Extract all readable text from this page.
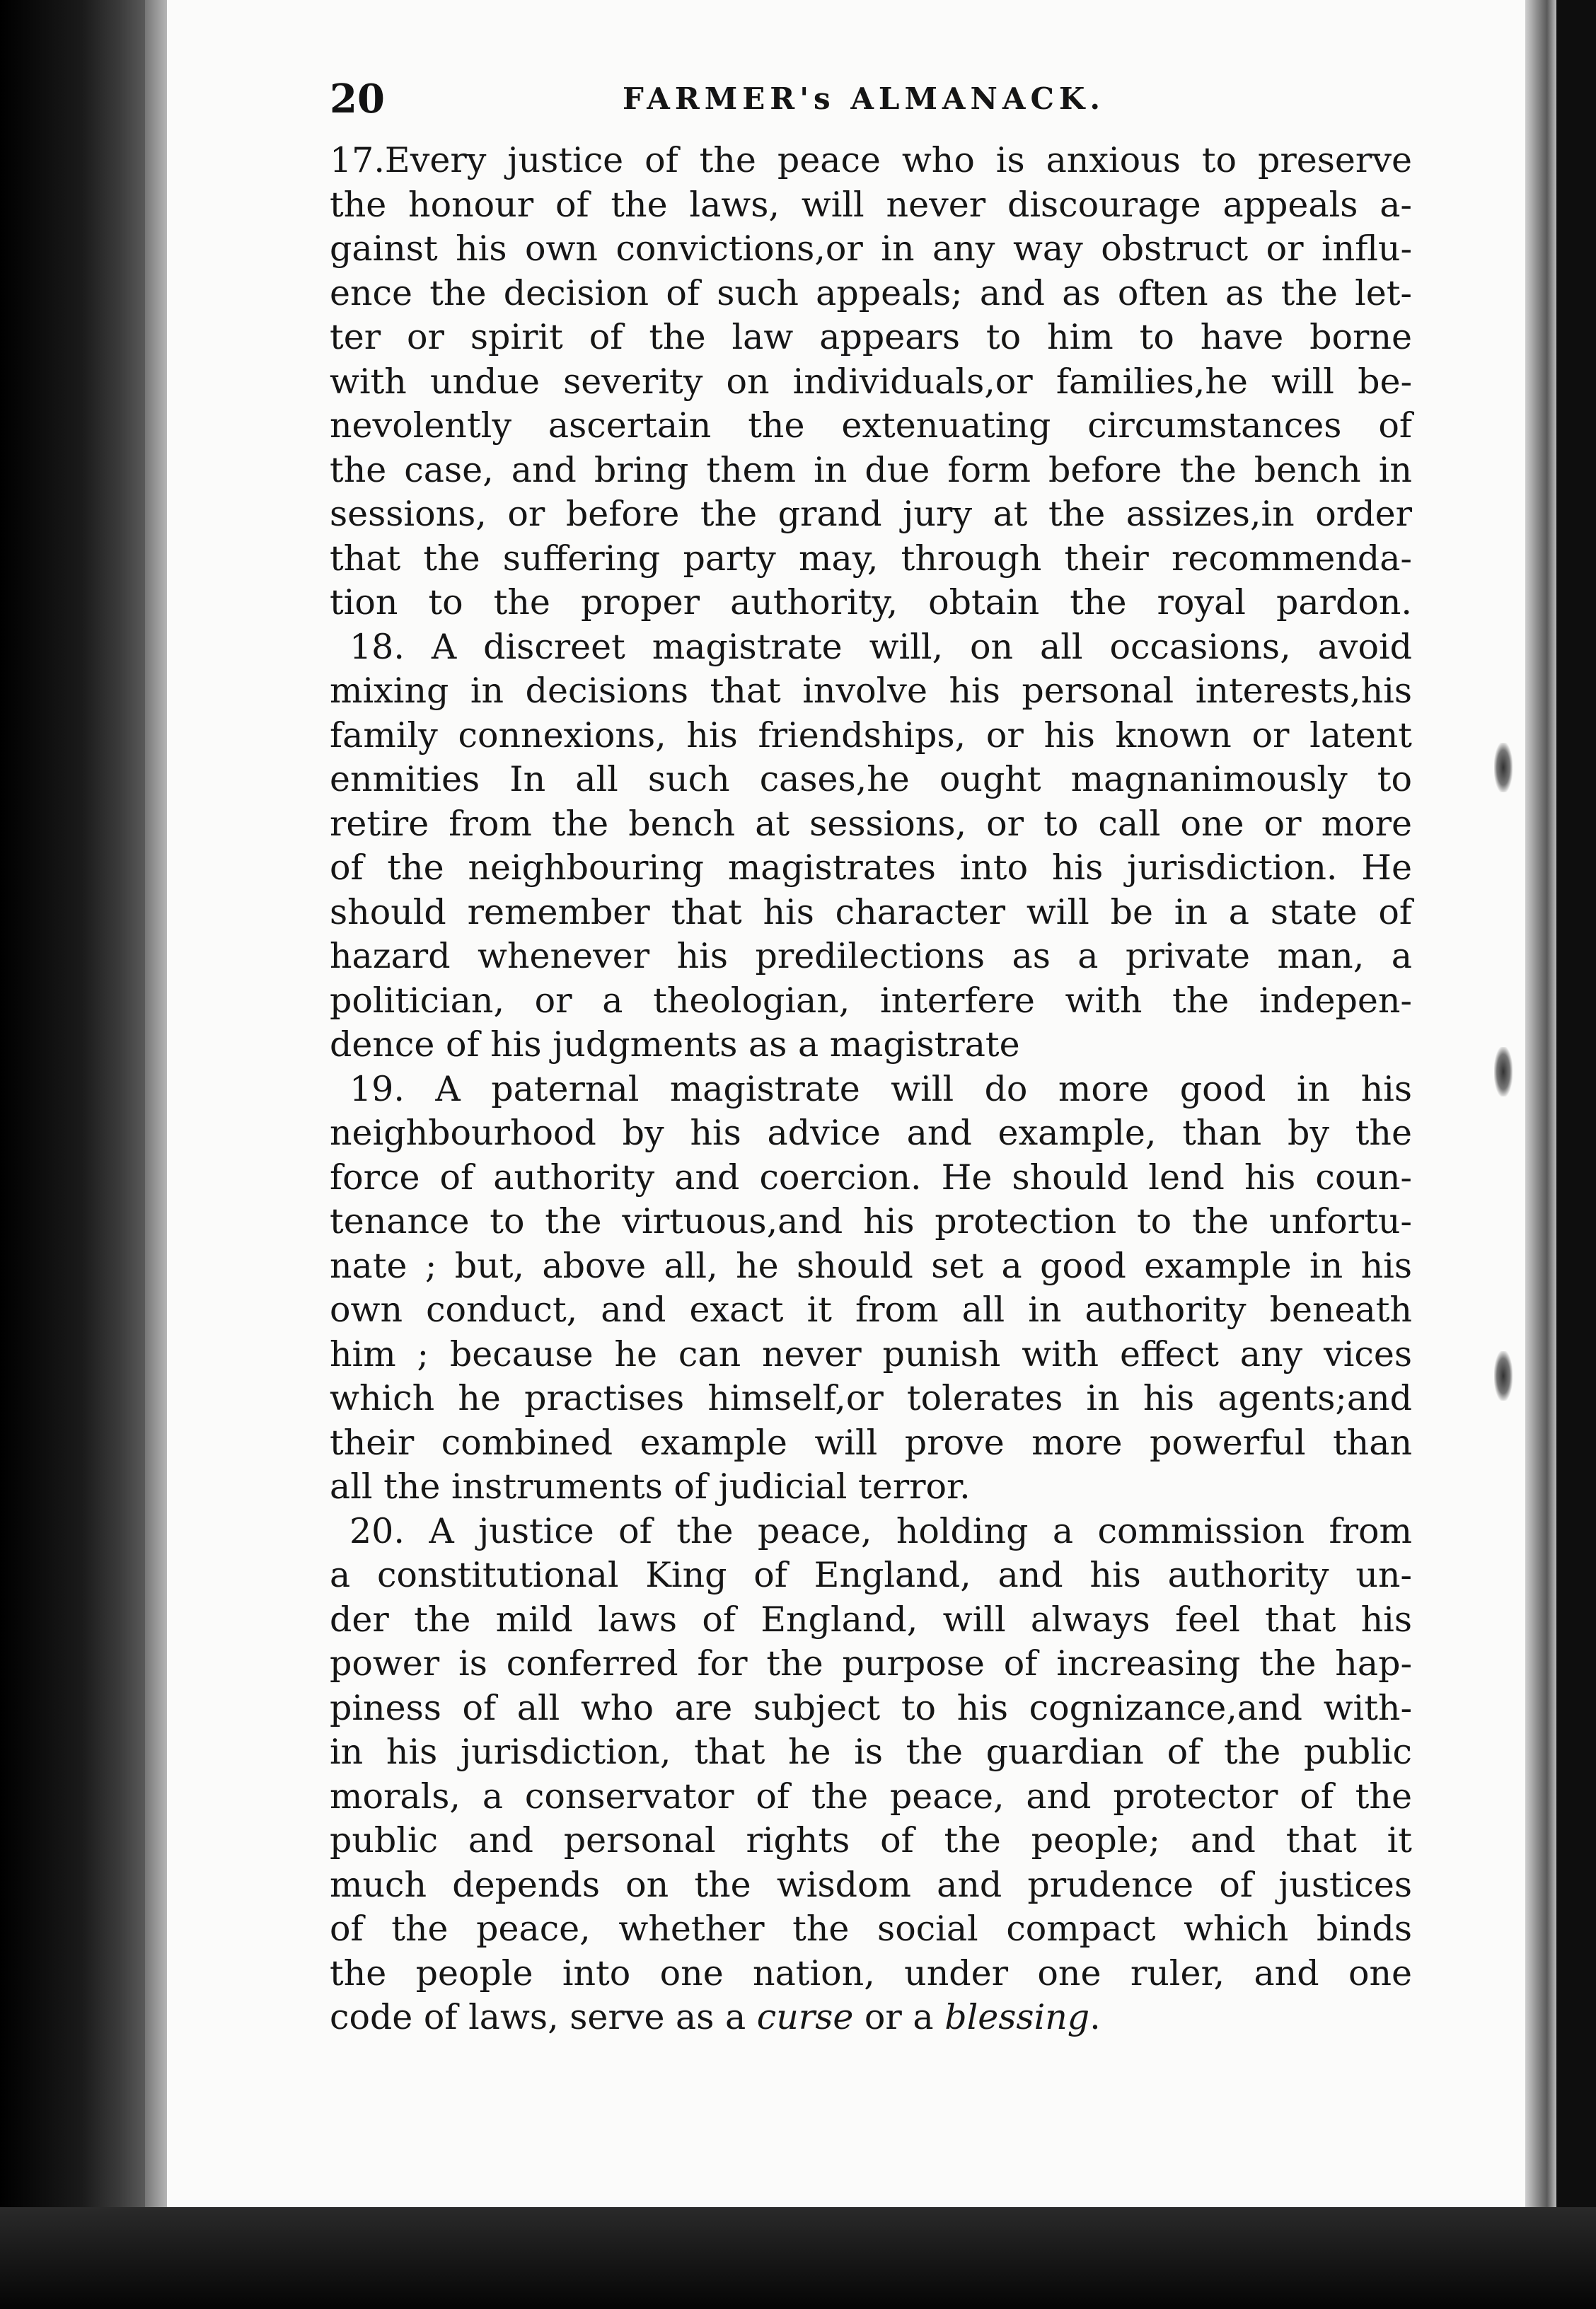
20	FARMER's ALMANACK.
17.Every justice of the peace who is anxious to preserve
the honour of the laws, will never discourage appeals a-
gainst his own convictions,or in any way obstruct or influ-
ence the decision of such appeals; and as often as the let-
ter or spirit of the law appears to him to have borne
with undue severity on individuals,or families,he will be-
nevolently ascertain the extenuating circumstances of
the case, and bring them in due form before the bench in
sessions, or before the grand jury at the assizes,in order
that the suffering party may, through their recommenda-
tion to the proper authority, obtain the royal pardon.
18. A discreet magistrate will, on all occasions, avoid
mixing in decisions that involve his personal interests,his
family connexions, his friendships, or his known or latent
enmities In all such cases,he ought magnanimously to
retire from the bench at sessions, or to call one or more
of the neighbouring magistrates into his jurisdiction. He
should remember that his character will be in a state of
hazard whenever his predilections as a private man, a
politician, or a theologian, interfere with the indepen-
dence of his judgments as a magistrate
19. A paternal magistrate will do more good in his
neighbourhood by his advice and example, than by the
force of authority and coercion. He should lend his coun-
tenance to the virtuous,and his protection to the unfortu-
nate ; but, above all, he should set a good example in his
own conduct, and exact it from all in authority beneath
him ; because he can never punish with effect any vices
which he practises himself,or tolerates in his agents;and
their combined example will prove more powerful than
all the instruments of judicial terror.
20. A justice of the peace, holding a commission from
a constitutional King of England, and his authority un-
der the mild laws of England, will always feel that his
power is conferred for the purpose of increasing the hap-
piness of all who are subject to his cognizance,and with-
in his jurisdiction, that he is the guardian of the public
morals, a conservator of the peace, and protector of the
public and personal rights of the people; and that it
much depends on the wisdom and prudence of justices
of the peace, whether the social compact which binds
the people into one nation, under one ruler, and one
code of laws, serve as a curse or a blessing.
